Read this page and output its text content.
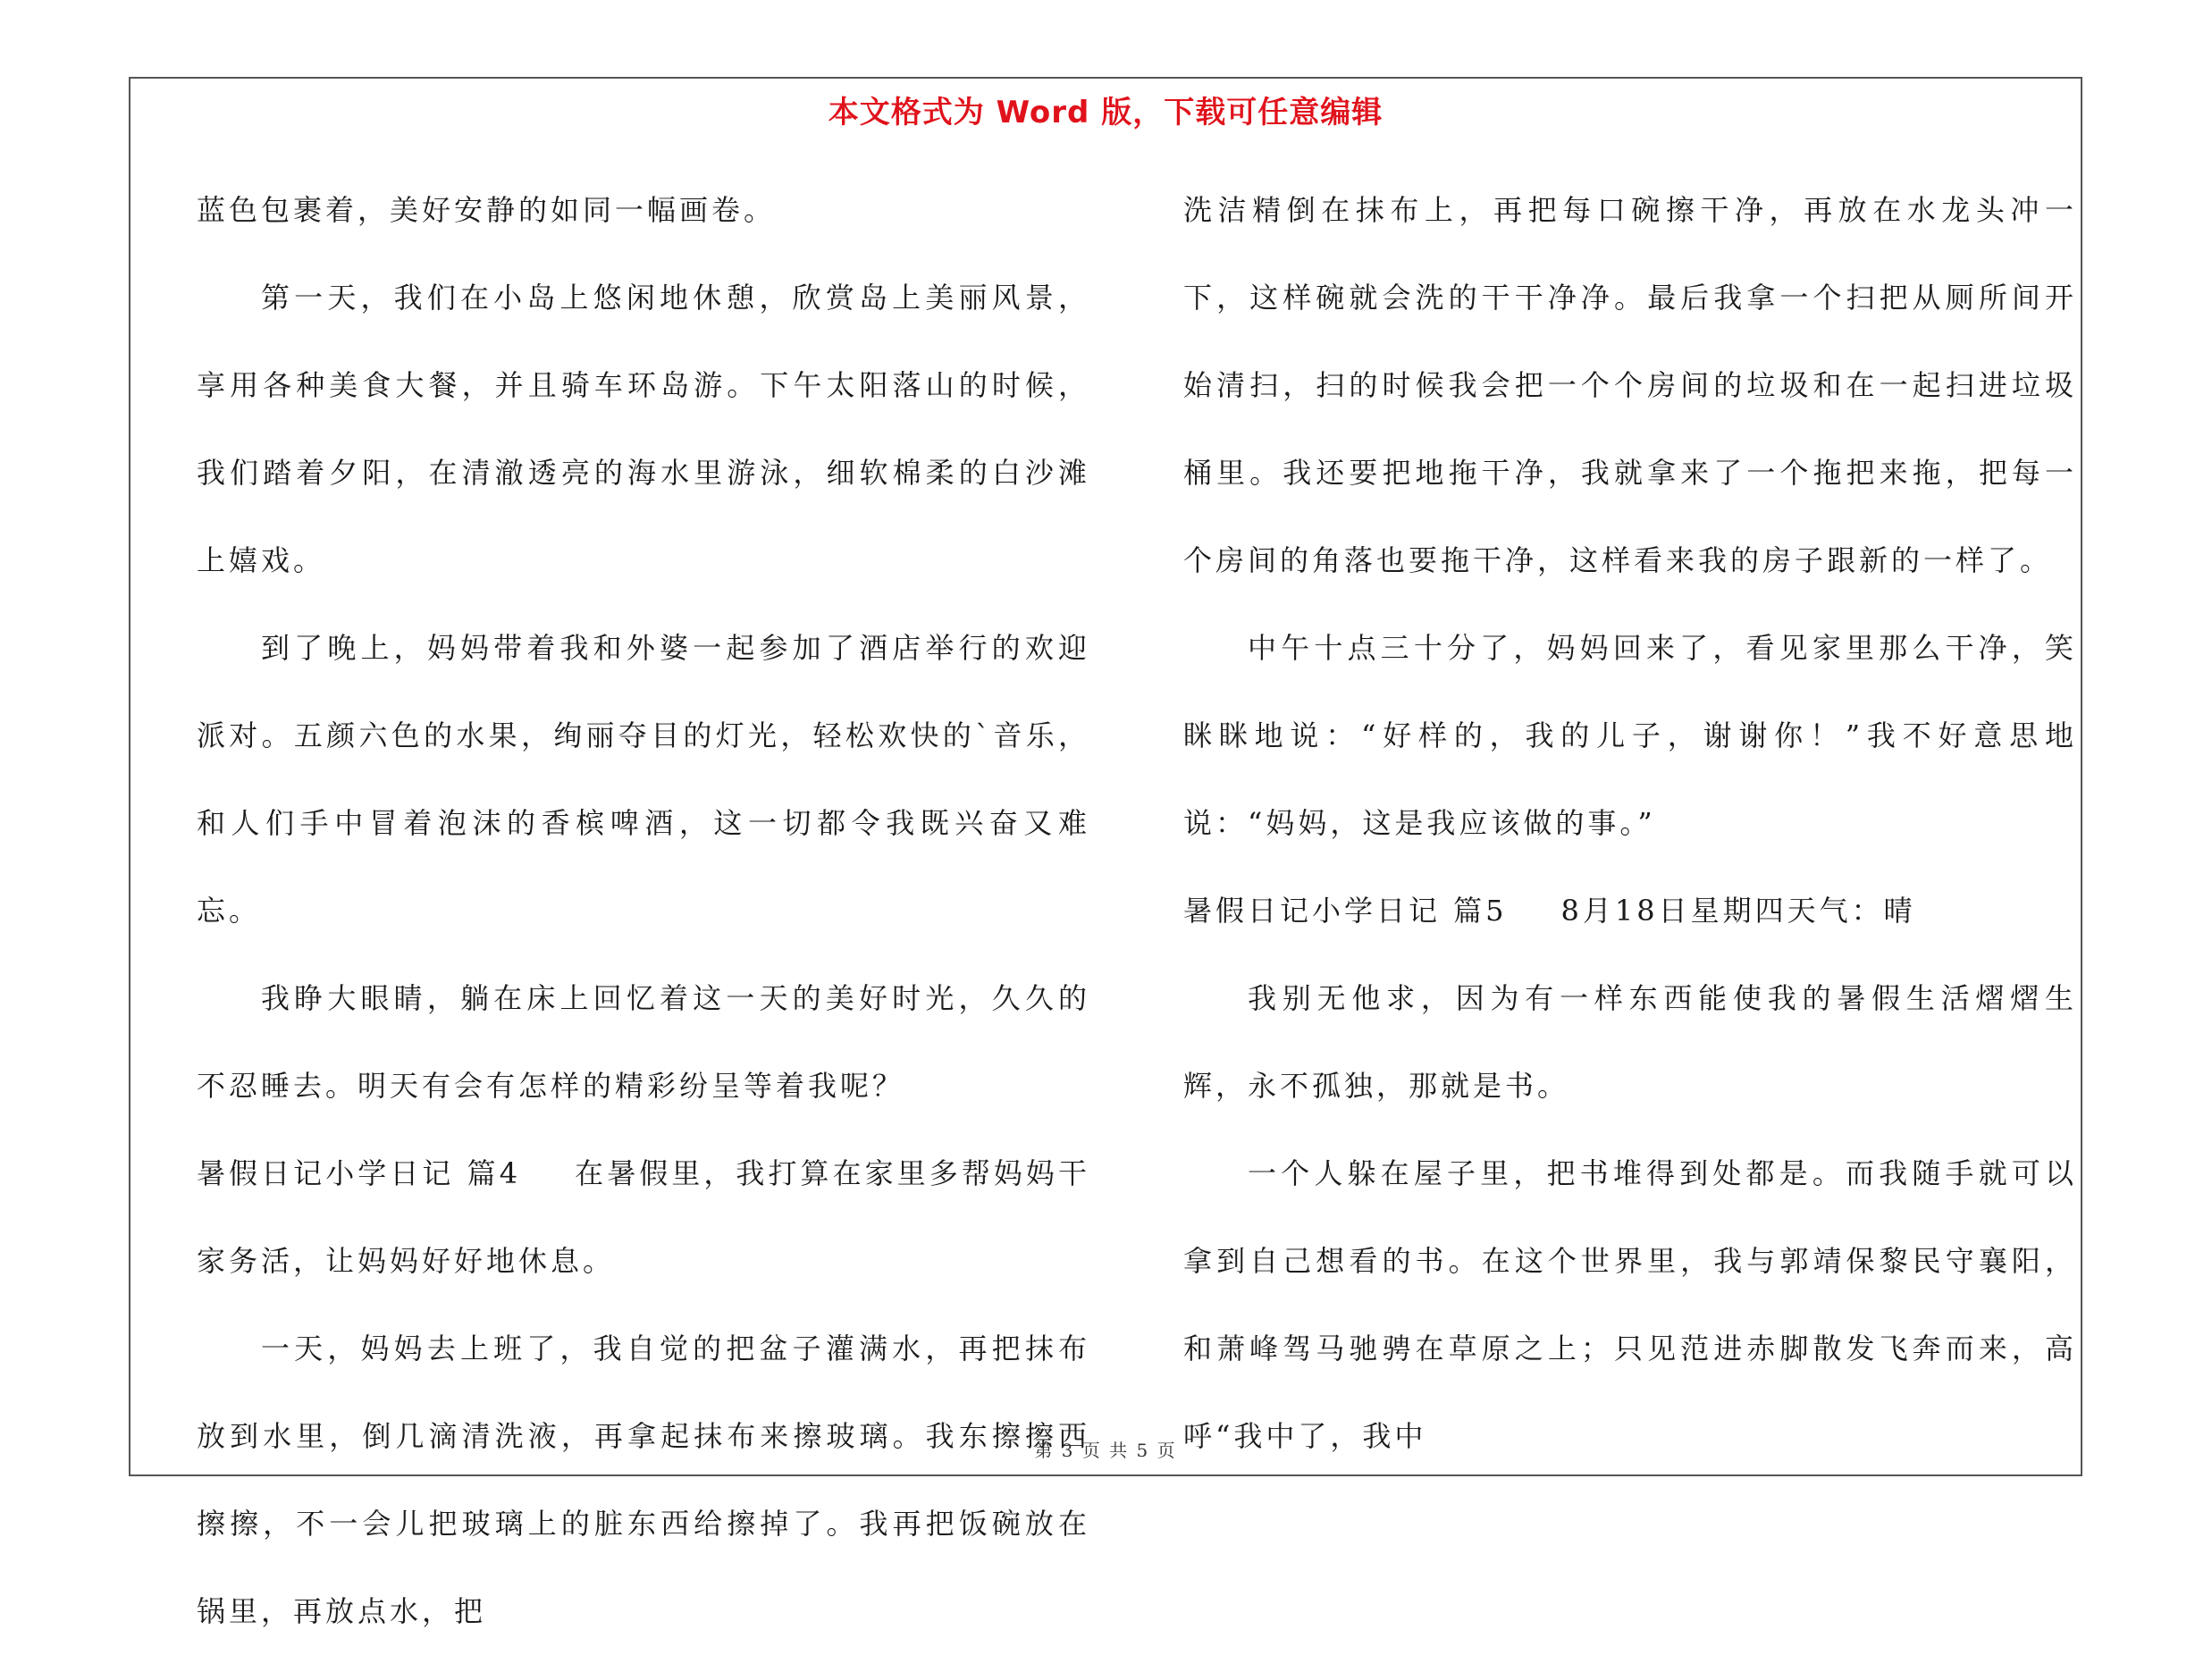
本文格式为 Word 版，下载可任意编辑

蓝色包裹着，美好安静的如同一幅画卷。

第一天，我们在小岛上悠闲地休憩，欣赏岛上美丽风景，享用各种美食大餐，并且骑车环岛游。下午太阳落山的时候，我们踏着夕阳，在清澈透亮的海水里游泳，细软棉柔的白沙滩上嬉戏。

到了晚上，妈妈带着我和外婆一起参加了酒店举行的欢迎派对。五颜六色的水果，绚丽夺目的灯光，轻松欢快的`音乐，和人们手中冒着泡沫的香槟啤酒，这一切都令我既兴奋又难忘。

我睁大眼睛，躺在床上回忆着这一天的美好时光，久久的不忍睡去。明天有会有怎样的精彩纷呈等着我呢？

暑假日记小学日记 篇4 在暑假里，我打算在家里多帮妈妈干家务活，让妈妈好好地休息。

一天，妈妈去上班了，我自觉的把盆子灌满水，再把抹布放到水里，倒几滴清洗液，再拿起抹布来擦玻璃。我东擦擦西擦擦，不一会儿把玻璃上的脏东西给擦掉了。我再把饭碗放在锅里，再放点水，把

洗洁精倒在抹布上，再把每口碗擦干净，再放在水龙头冲一下，这样碗就会洗的干干净净。最后我拿一个扫把从厕所间开始清扫，扫的时候我会把一个个房间的垃圾和在一起扫进垃圾桶里。我还要把地拖干净，我就拿来了一个拖把来拖，把每一个房间的角落也要拖干净，这样看来我的房子跟新的一样了。

中午十点三十分了，妈妈回来了，看见家里那么干净，笑眯眯地说：“好样的，我的儿子，谢谢你！”我不好意思地说：“妈妈，这是我应该做的事。”

暑假日记小学日记 篇5 8月18日星期四天气：晴

我别无他求，因为有一样东西能使我的暑假生活熠熠生辉，永不孤独，那就是书。

一个人躲在屋子里，把书堆得到处都是。而我随手就可以拿到自己想看的书。在这个世界里，我与郭靖保黎民守襄阳，和萧峰驾马驰骋在草原之上；只见范进赤脚散发飞奔而来，高呼“我中了，我中

第 3 页 共 5 页
